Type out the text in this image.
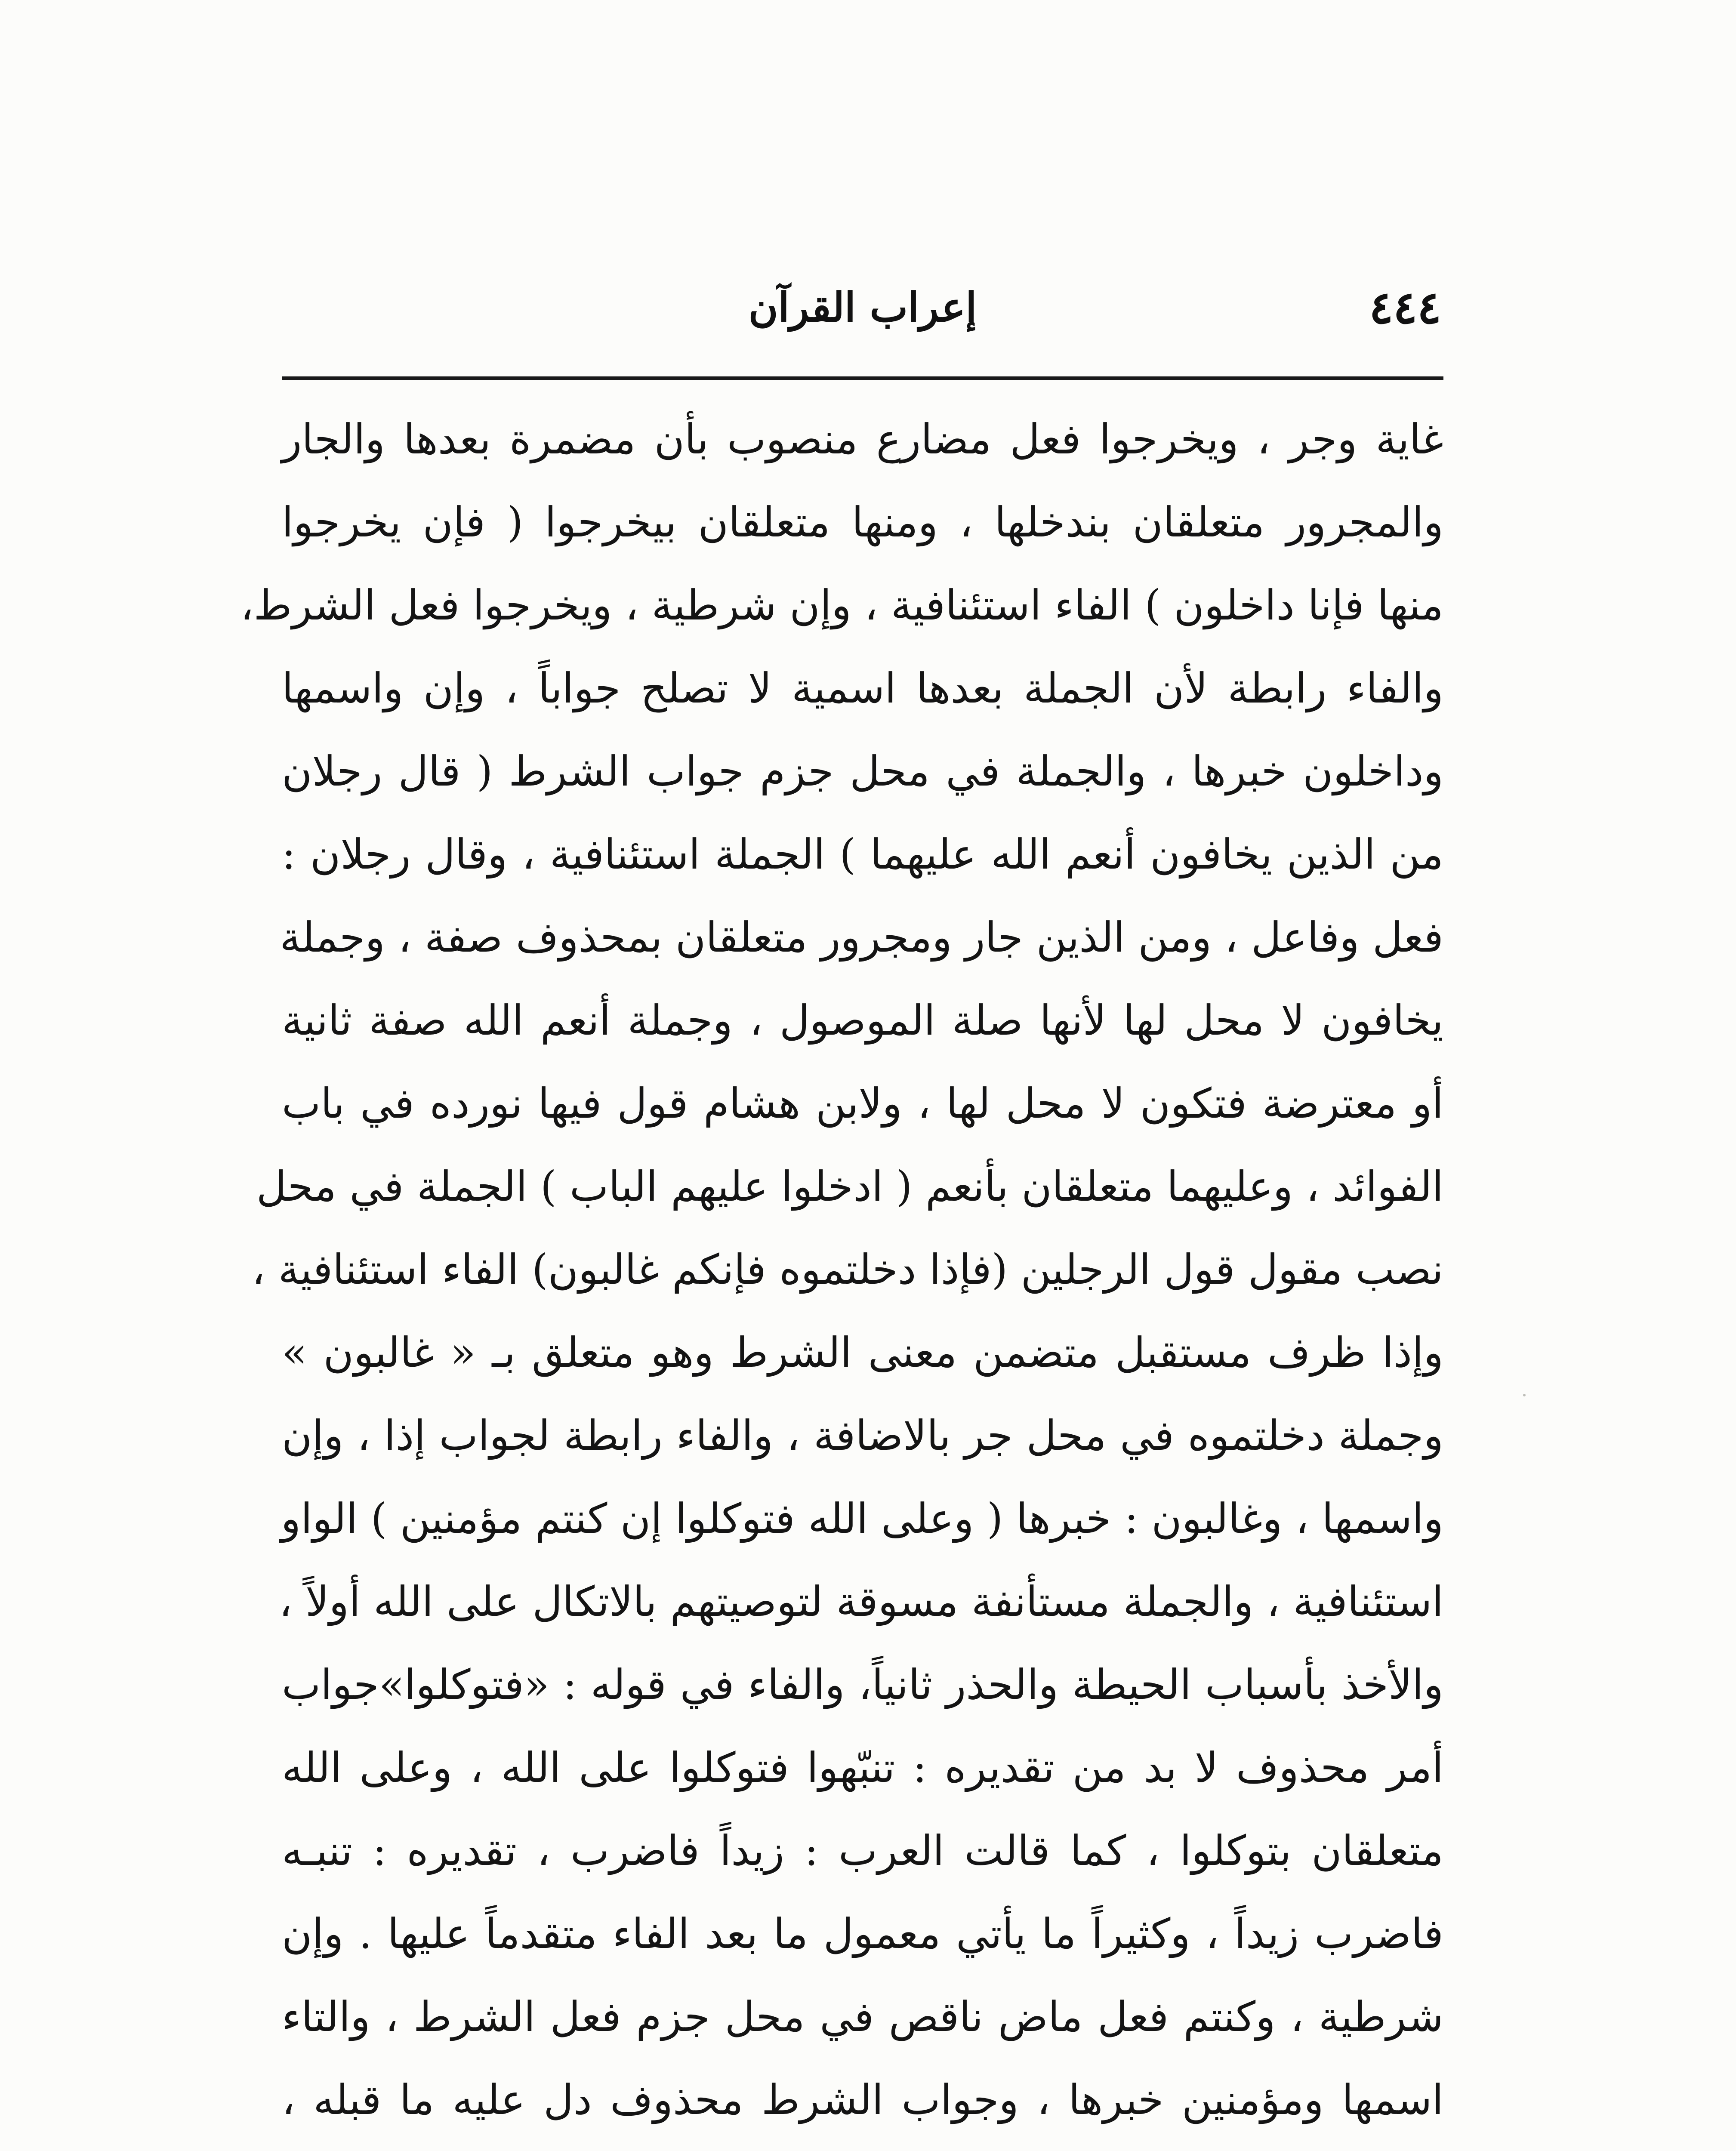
٤٤٤
إعراب القرآن
غاية وجر ، ويخرجوا فعل مضارع منصوب بأن مضمرة بعدها والجار
والمجرور متعلقان بندخلها ، ومنها متعلقان بيخرجوا ( فإن يخرجوا
منها فإنا داخلون ) الفاء استئنافية ، وإن شرطية ، ويخرجوا فعل الشرط،
والفاء رابطة لأن الجملة بعدها اسمية لا تصلح جواباً ، وإن واسمها
وداخلون خبرها ، والجملة في محل جزم جواب الشرط ( قال رجلان
من الذين يخافون أنعم الله عليهما ) الجملة استئنافية ، وقال رجلان :
فعل وفاعل ، ومن الذين جار ومجرور متعلقان بمحذوف صفة ، وجملة
يخافون لا محل لها لأنها صلة الموصول ، وجملة أنعم الله صفة ثانية
أو معترضة فتكون لا محل لها ، ولابن هشام قول فيها نورده في باب
الفوائد ، وعليهما متعلقان بأنعم ( ادخلوا عليهم الباب ) الجملة في محل
نصب مقول قول الرجلين (فإذا دخلتموه فإنكم غالبون) الفاء استئنافية ،
وإذا ظرف مستقبل متضمن معنى الشرط وهو متعلق بـ « غالبون »
وجملة دخلتموه في محل جر بالاضافة ، والفاء رابطة لجواب إذا ، وإن
واسمها ، وغالبون : خبرها ( وعلى الله فتوكلوا إن كنتم مؤمنين ) الواو
استئنافية ، والجملة مستأنفة مسوقة لتوصيتهم بالاتكال على الله أولاً ،
والأخذ بأسباب الحيطة والحذر ثانياً، والفاء في قوله : «فتوكلوا»جواب
أمر محذوف لا بد من تقديره : تنبّهوا فتوكلوا على الله ، وعلى الله
متعلقان بتوكلوا ، كما قالت العرب : زيداً فاضرب ، تقديره : تنبـه
فاضرب زيداً ، وكثيراً ما يأتي معمول ما بعد الفاء متقدماً عليها . وإن
شرطية ، وكنتم فعل ماض ناقص في محل جزم فعل الشرط ، والتاء
اسمها ومؤمنين خبرها ، وجواب الشرط محذوف دل عليه ما قبله ،
